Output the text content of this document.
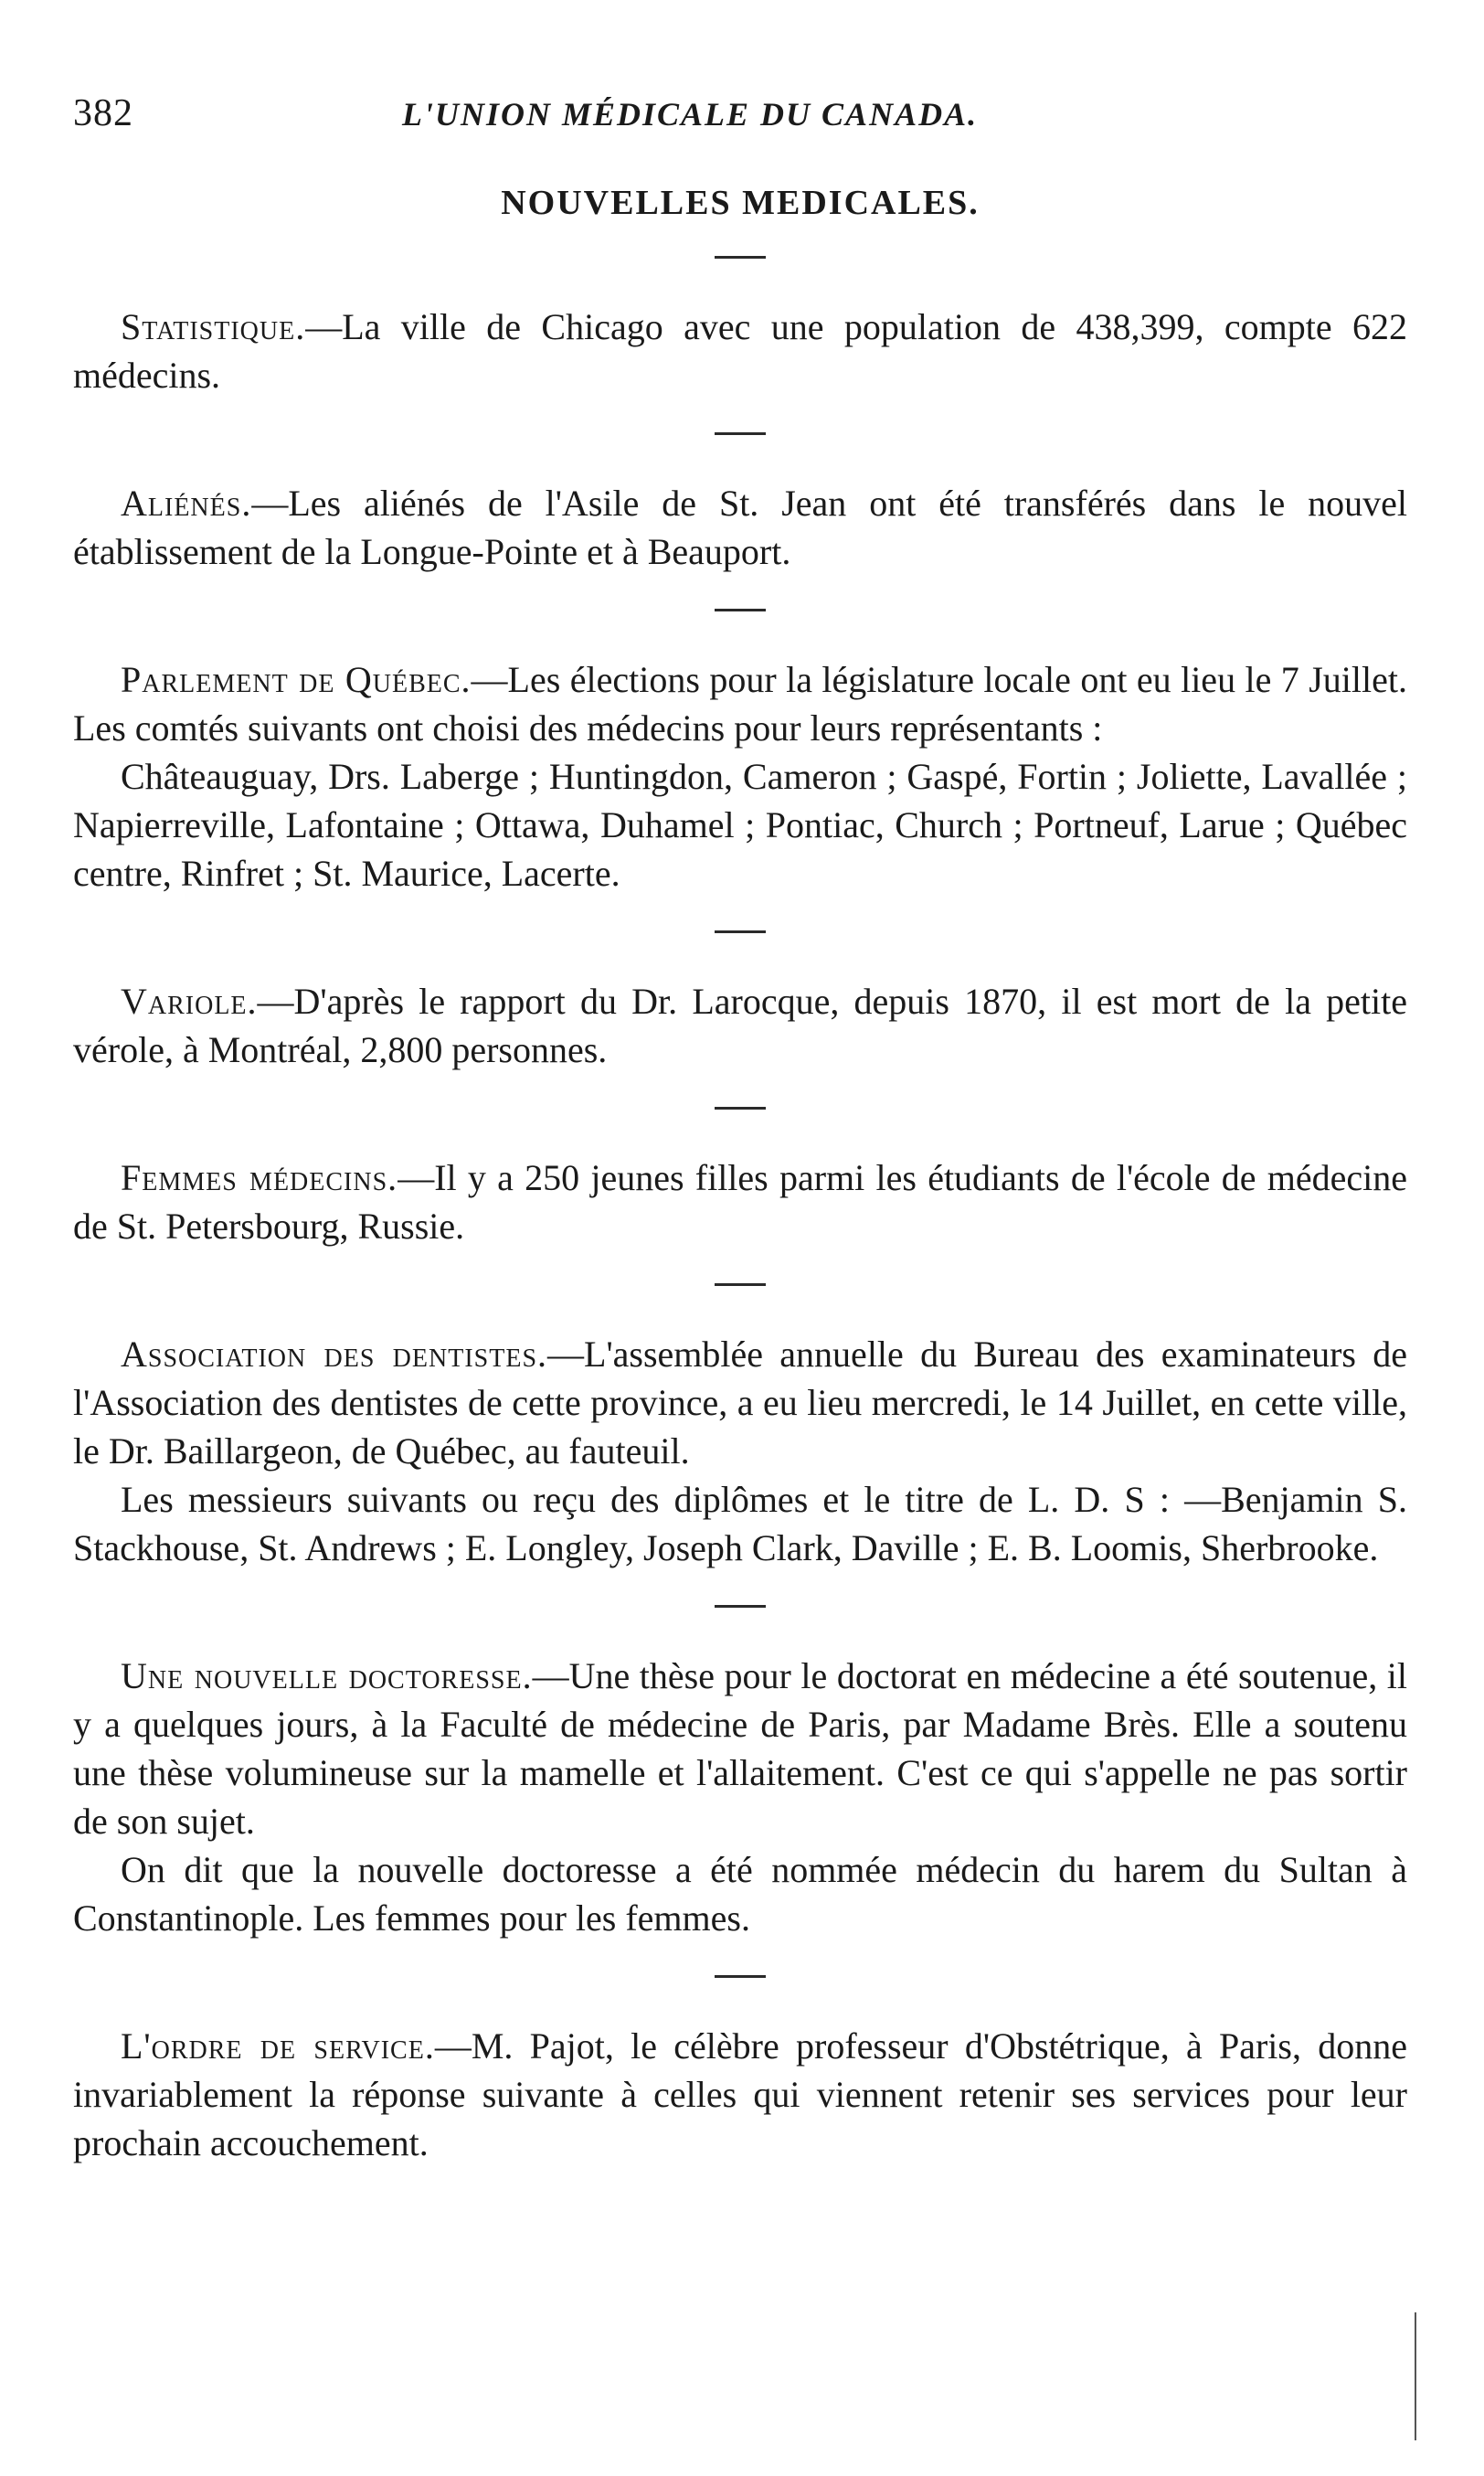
382	L'UNION MÉDICALE DU CANADA.
NOUVELLES MEDICALES.

Statistique.—La ville de Chicago avec une population de 438,399, compte 622 médecins.

Aliénés.—Les aliénés de l'Asile de St. Jean ont été transférés dans le nouvel établissement de la Longue-Pointe et à Beauport.

Parlement de Québec.—Les élections pour la législature locale ont eu lieu le 7 Juillet. Les comtés suivants ont choisi des médecins pour leurs représentants :

Châteauguay, Drs. Laberge ; Huntingdon, Cameron ; Gaspé, Fortin ; Joliette, Lavallée ; Napierreville, Lafontaine ; Ottawa, Duhamel ; Pontiac, Church ; Portneuf, Larue ; Québec centre, Rinfret ; St. Maurice, Lacerte.

Variole.—D'après le rapport du Dr. Larocque, depuis 1870, il est mort de la petite vérole, à Montréal, 2,800 personnes.

Femmes médecins.—Il y a 250 jeunes filles parmi les étudiants de l'école de médecine de St. Petersbourg, Russie.

Association des dentistes.—L'assemblée annuelle du Bureau des examinateurs de l'Association des dentistes de cette province, a eu lieu mercredi, le 14 Juillet, en cette ville, le Dr. Baillargeon, de Québec, au fauteuil.

Les messieurs suivants ou reçu des diplômes et le titre de L. D. S : —Benjamin S. Stackhouse, St. Andrews ; E. Longley, Joseph Clark, Daville ; E. B. Loomis, Sherbrooke.

Une nouvelle doctoresse.—Une thèse pour le doctorat en médecine a été soutenue, il y a quelques jours, à la Faculté de médecine de Paris, par Madame Brès. Elle a soutenu une thèse volumineuse sur la mamelle et l'allaitement. C'est ce qui s'appelle ne pas sortir de son sujet.

On dit que la nouvelle doctoresse a été nommée médecin du harem du Sultan à Constantinople. Les femmes pour les femmes.

L'ordre de service.—M. Pajot, le célèbre professeur d'Obstétrique, à Paris, donne invariablement la réponse suivante à celles qui viennent retenir ses services pour leur prochain accouchement.
